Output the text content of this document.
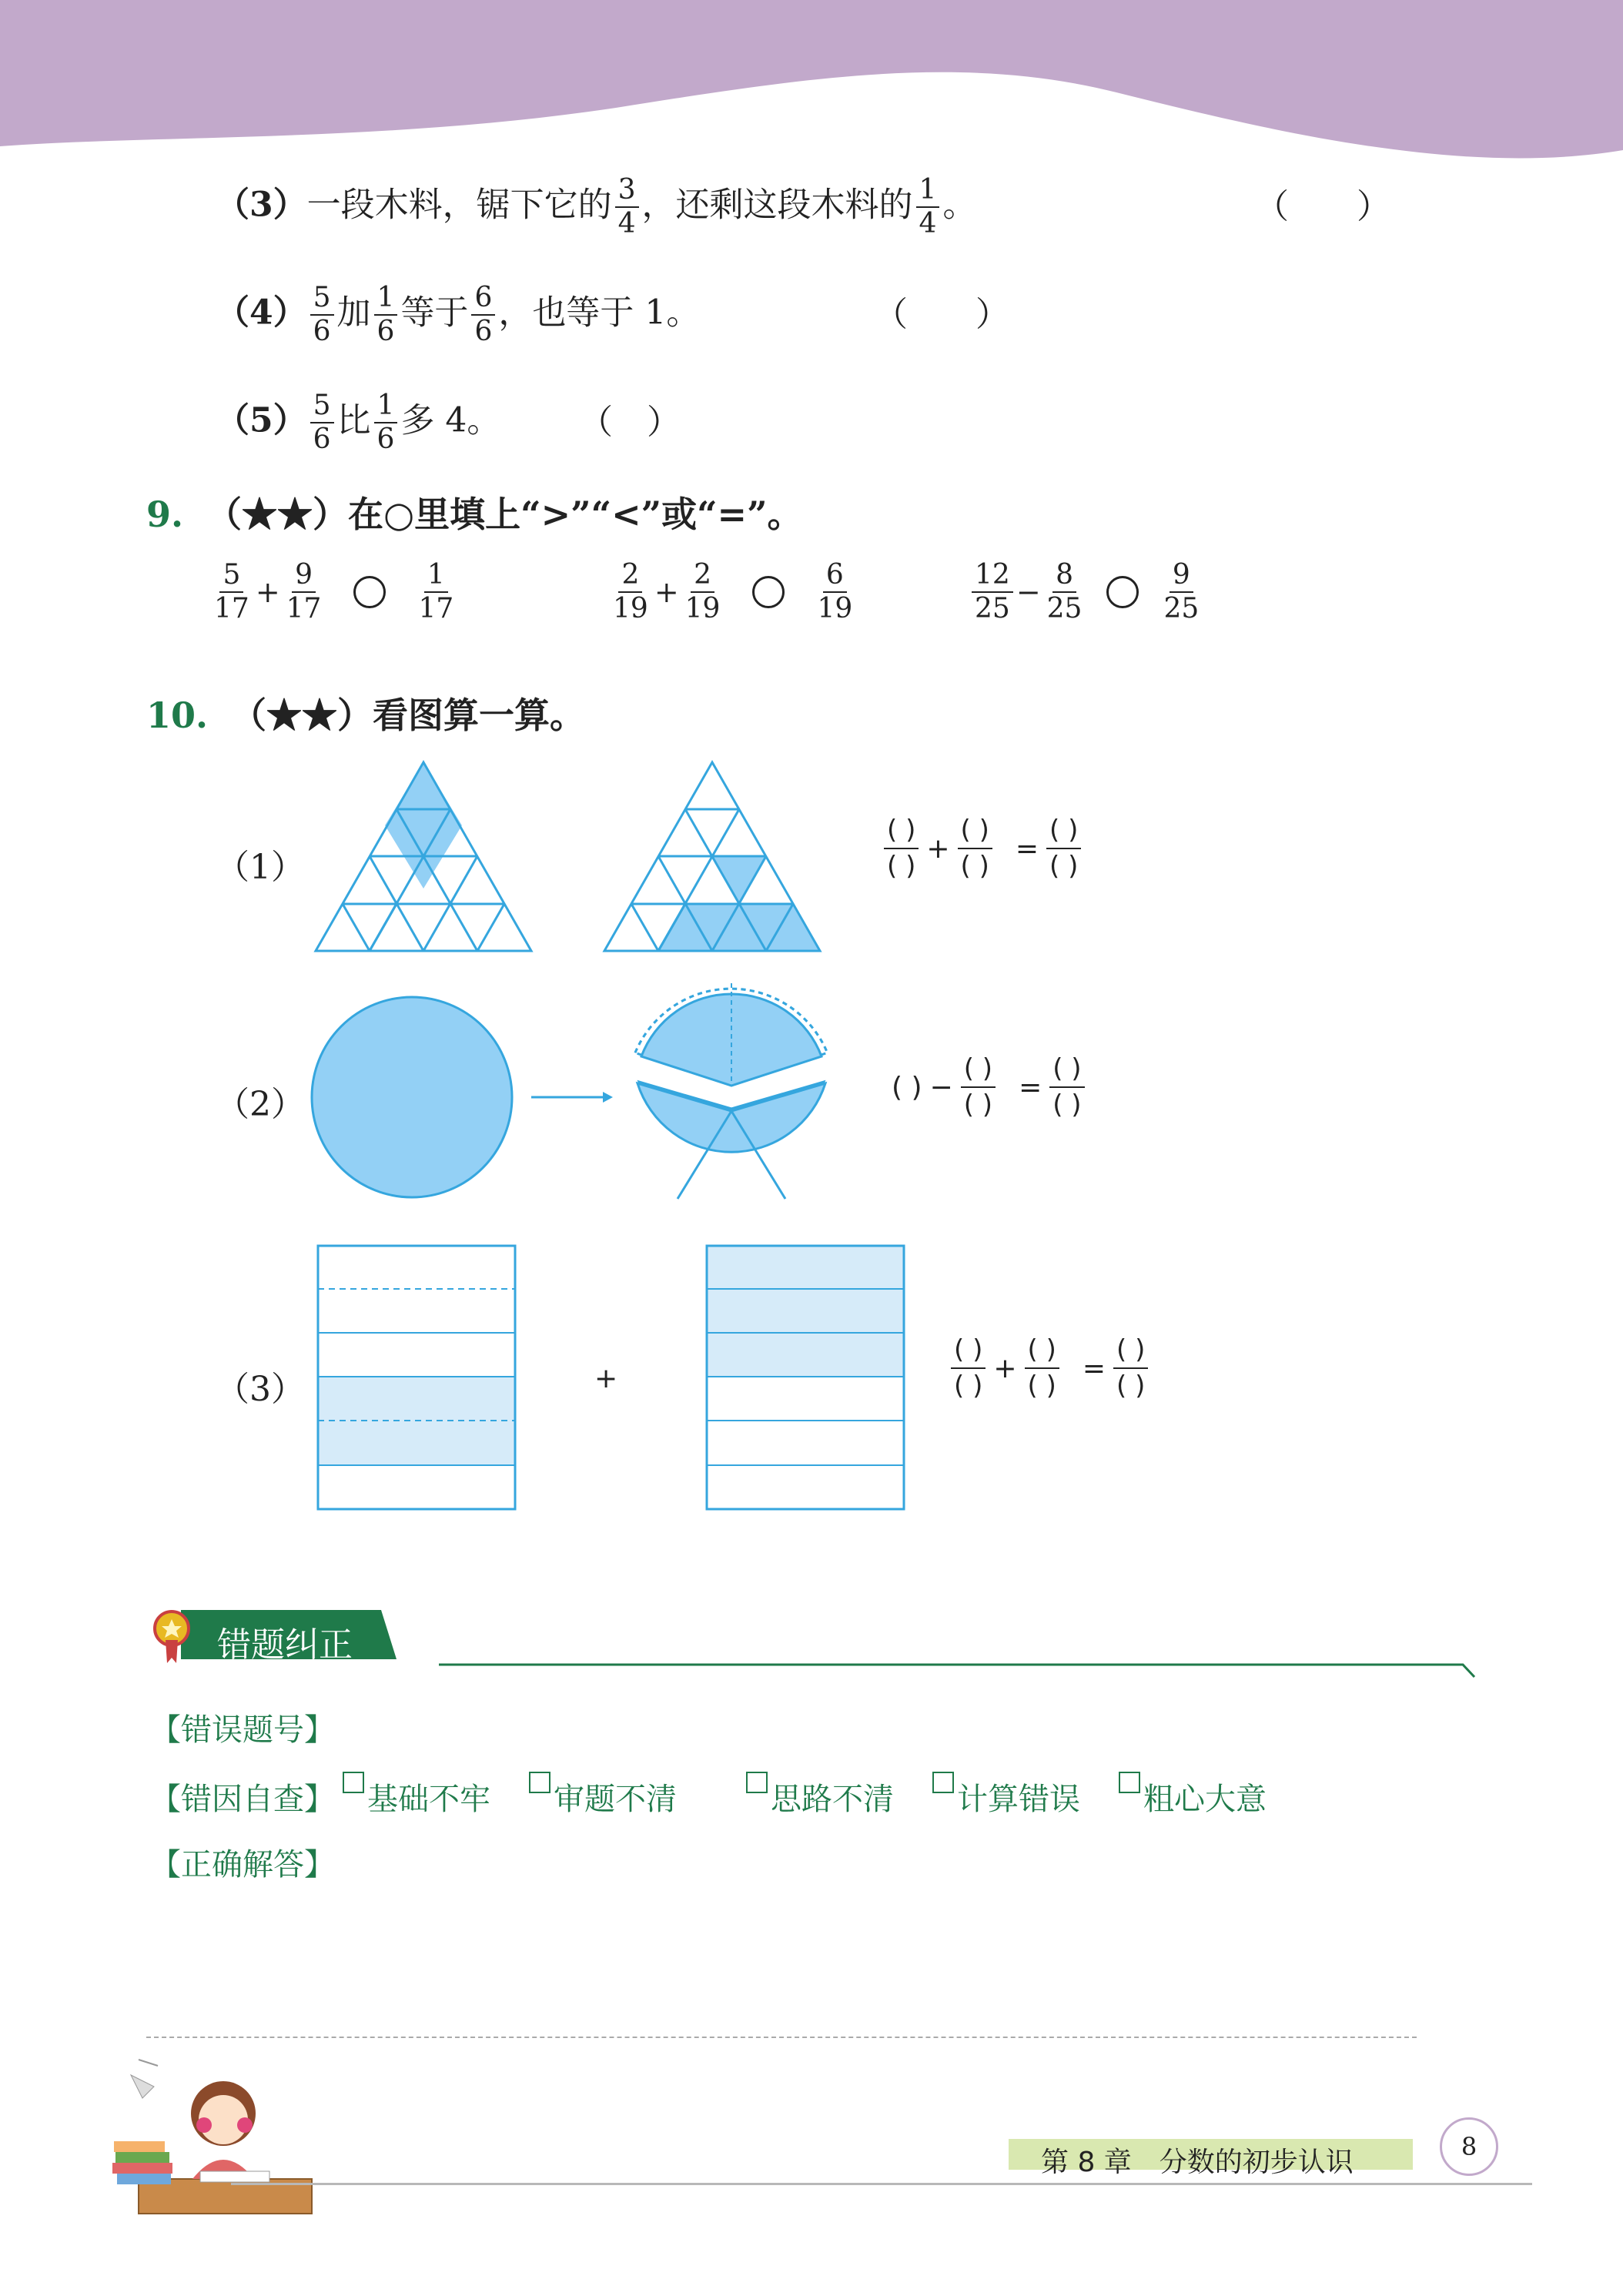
（3）一段木料，锯下它的 $\frac{3}{4}$ ，还剩这段木料的 $\frac{1}{4}$ 。	（　　）
$(4) \frac{5}{6}$ 加 $\frac{1}{6}$ 等于 $\frac{6}{6}$ ，也等于 1。	（　　）
$(5) \frac{5}{6}$ 比 $\frac{1}{6}$ 多 4。 （　）
9. （★★）在○里填上“>”“<”或“=”。
$\frac{5}{17} + \frac{9}{17}$	$\frac{1}{17}$	$\frac{2}{19} + \frac{2}{19}$	$\frac{6}{19}$	$\frac{12}{25} - \frac{8}{25}$	$\frac{9}{25}$
10. （★★）看图算一算。
（1）	$\frac{( )}{( )} + \frac{( )}{( )} = \frac{( )}{( )}$
（2）	( ) − $\frac{( )}{( )} = \frac{( )}{( )}$
（3）	+	$\frac{( )}{( )} + \frac{( )}{( )} = \frac{( )}{( )}$
错题纠正
【错误题号】
【错因自查】 基础不牢 审题不清	思路不清 计算错误 粗心大意
【正确解答】
第 8 章　分数的初步认识	8
